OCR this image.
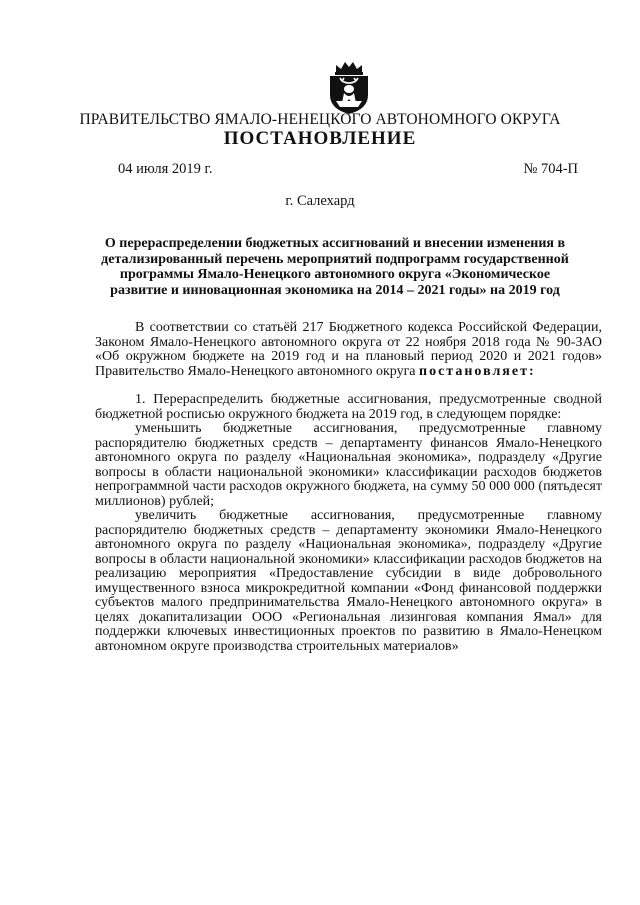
ПРАВИТЕЛЬСТВО ЯМАЛО-НЕНЕЦКОГО АВТОНОМНОГО ОКРУГА
ПОСТАНОВЛЕНИЕ
04 июля 2019 г.	№ 704-П
г. Салехард
О перераспределении бюджетных ассигнований и внесении изменения в детализированный перечень мероприятий подпрограмм государственной программы Ямало-Ненецкого автономного округа «Экономическое развитие и инновационная экономика на 2014 – 2021 годы» на 2019 год

В соответствии со статьёй 217 Бюджетного кодекса Российской Федерации, Законом Ямало-Ненецкого автономного округа от 22 ноября 2018 года № 90-ЗАО «Об окружном бюджете на 2019 год и на плановый период 2020 и 2021 годов» Правительство Ямало-Ненецкого автономного округа постановляет:

1. Перераспределить бюджетные ассигнования, предусмотренные сводной бюджетной росписью окружного бюджета на 2019 год, в следующем порядке:

уменьшить бюджетные ассигнования, предусмотренные главному распорядителю бюджетных средств – департаменту финансов Ямало-Ненецкого автономного округа по разделу «Национальная экономика», подразделу «Другие вопросы в области национальной экономики» классификации расходов бюджетов непрограммной части расходов окружного бюджета, на сумму 50 000 000 (пятьдесят миллионов) рублей;

увеличить бюджетные ассигнования, предусмотренные главному распорядителю бюджетных средств – департаменту экономики Ямало-Ненецкого автономного округа по разделу «Национальная экономика», подразделу «Другие вопросы в области национальной экономики» классификации расходов бюджетов на реализацию мероприятия «Предоставление субсидии в виде добровольного имущественного взноса микрокредитной компании «Фонд финансовой поддержки субъектов малого предпринимательства Ямало-Ненецкого автономного округа» в целях докапитализации ООО «Региональная лизинговая компания Ямал» для поддержки ключевых инвестиционных проектов по развитию в Ямало-Ненецком автономном округе производства строительных материалов»
